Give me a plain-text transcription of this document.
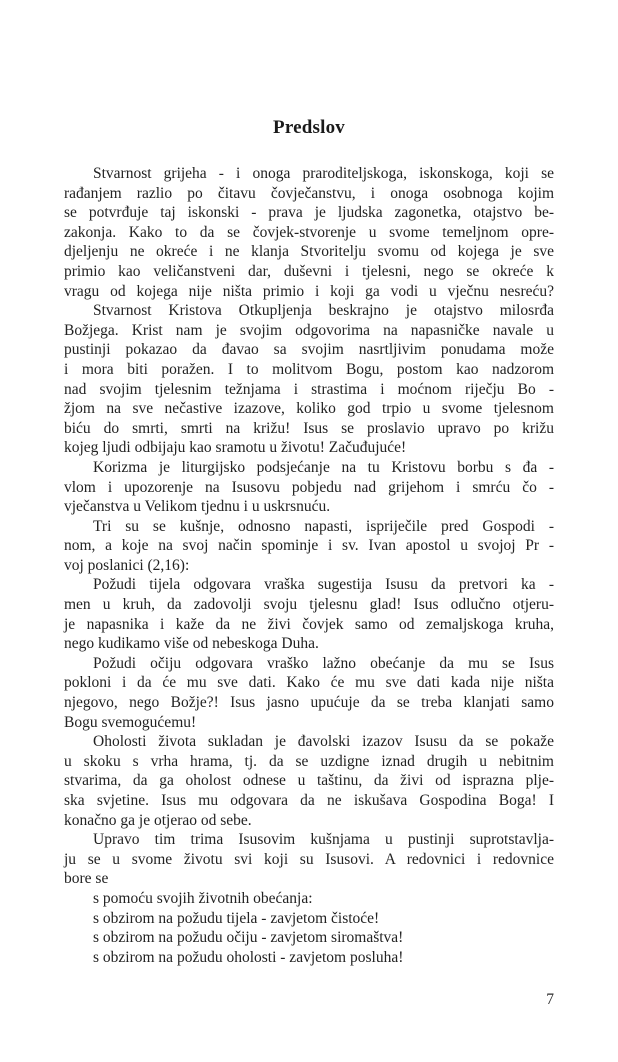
Predslov
Stvarnost grijeha - i onoga praroditeljskoga, iskonskoga, koji se
rađanjem razlio po čitavu čovječanstvu, i onoga osobnoga kojim
se potvrđuje taj iskonski - prava je ljudska zagonetka, otajstvo be-
zakonja. Kako to da se čovjek-stvorenje u svome temeljnom opre-
djeljenju ne okreće i ne klanja Stvoritelju svomu od kojega je sve
primio kao veličanstveni dar, duševni i tjelesni, nego se okreće k
vragu od kojega nije ništa primio i koji ga vodi u vječnu nesreću?
Stvarnost Kristova Otkupljenja beskrajno je otajstvo milosrđa
Božjega. Krist nam je svojim odgovorima na napasničke navale u
pustinji pokazao da đavao sa svojim nasrtljivim ponudama može
i mora biti poražen. I to molitvom Bogu, postom kao nadzorom
nad svojim tjelesnim težnjama i strastima i moćnom riječju Bo -
žjom na sve nečastive izazove, koliko god trpio u svome tjelesnom
biću do smrti, smrti na križu! Isus se proslavio upravo po križu
kojeg ljudi odbijaju kao sramotu u životu! Začuđujuće!
Korizma je liturgijsko podsjećanje na tu Kristovu borbu s đa -
vlom i upozorenje na Isusovu pobjedu nad grijehom i smrću čo -
vječanstva u Velikom tjednu i u uskrsnuću.
Tri su se kušnje, odnosno napasti, ispriječile pred Gospodi -
nom, a koje na svoj način spominje i sv. Ivan apostol u svojoj Pr -
voj poslanici (2,16):
Požudi tijela odgovara vraška sugestija Isusu da pretvori ka -
men u kruh, da zadovolji svoju tjelesnu glad! Isus odlučno otjeru-
je napasnika i kaže da ne živi čovjek samo od zemaljskoga kruha,
nego kudikamo više od nebeskoga Duha.
Požudi očiju odgovara vraško lažno obećanje da mu se Isus
pokloni i da će mu sve dati. Kako će mu sve dati kada nije ništa
njegovo, nego Božje?! Isus jasno upućuje da se treba klanjati samo
Bogu svemogućemu!
Oholosti života sukladan je đavolski izazov Isusu da se pokaže
u skoku s vrha hrama, tj. da se uzdigne iznad drugih u nebitnim
stvarima, da ga oholost odnese u taštinu, da živi od isprazna plje-
ska svjetine. Isus mu odgovara da ne iskušava Gospodina Boga! I
konačno ga je otjerao od sebe.
Upravo tim trima Isusovim kušnjama u pustinji suprotstavlja-
ju se u svome životu svi koji su Isusovi. A redovnici i redovnice
bore se
s pomoću svojih životnih obećanja:
s obzirom na požudu tijela - zavjetom čistoće!
s obzirom na požudu očiju - zavjetom siromaštva!
s obzirom na požudu oholosti - zavjetom posluha!
7
